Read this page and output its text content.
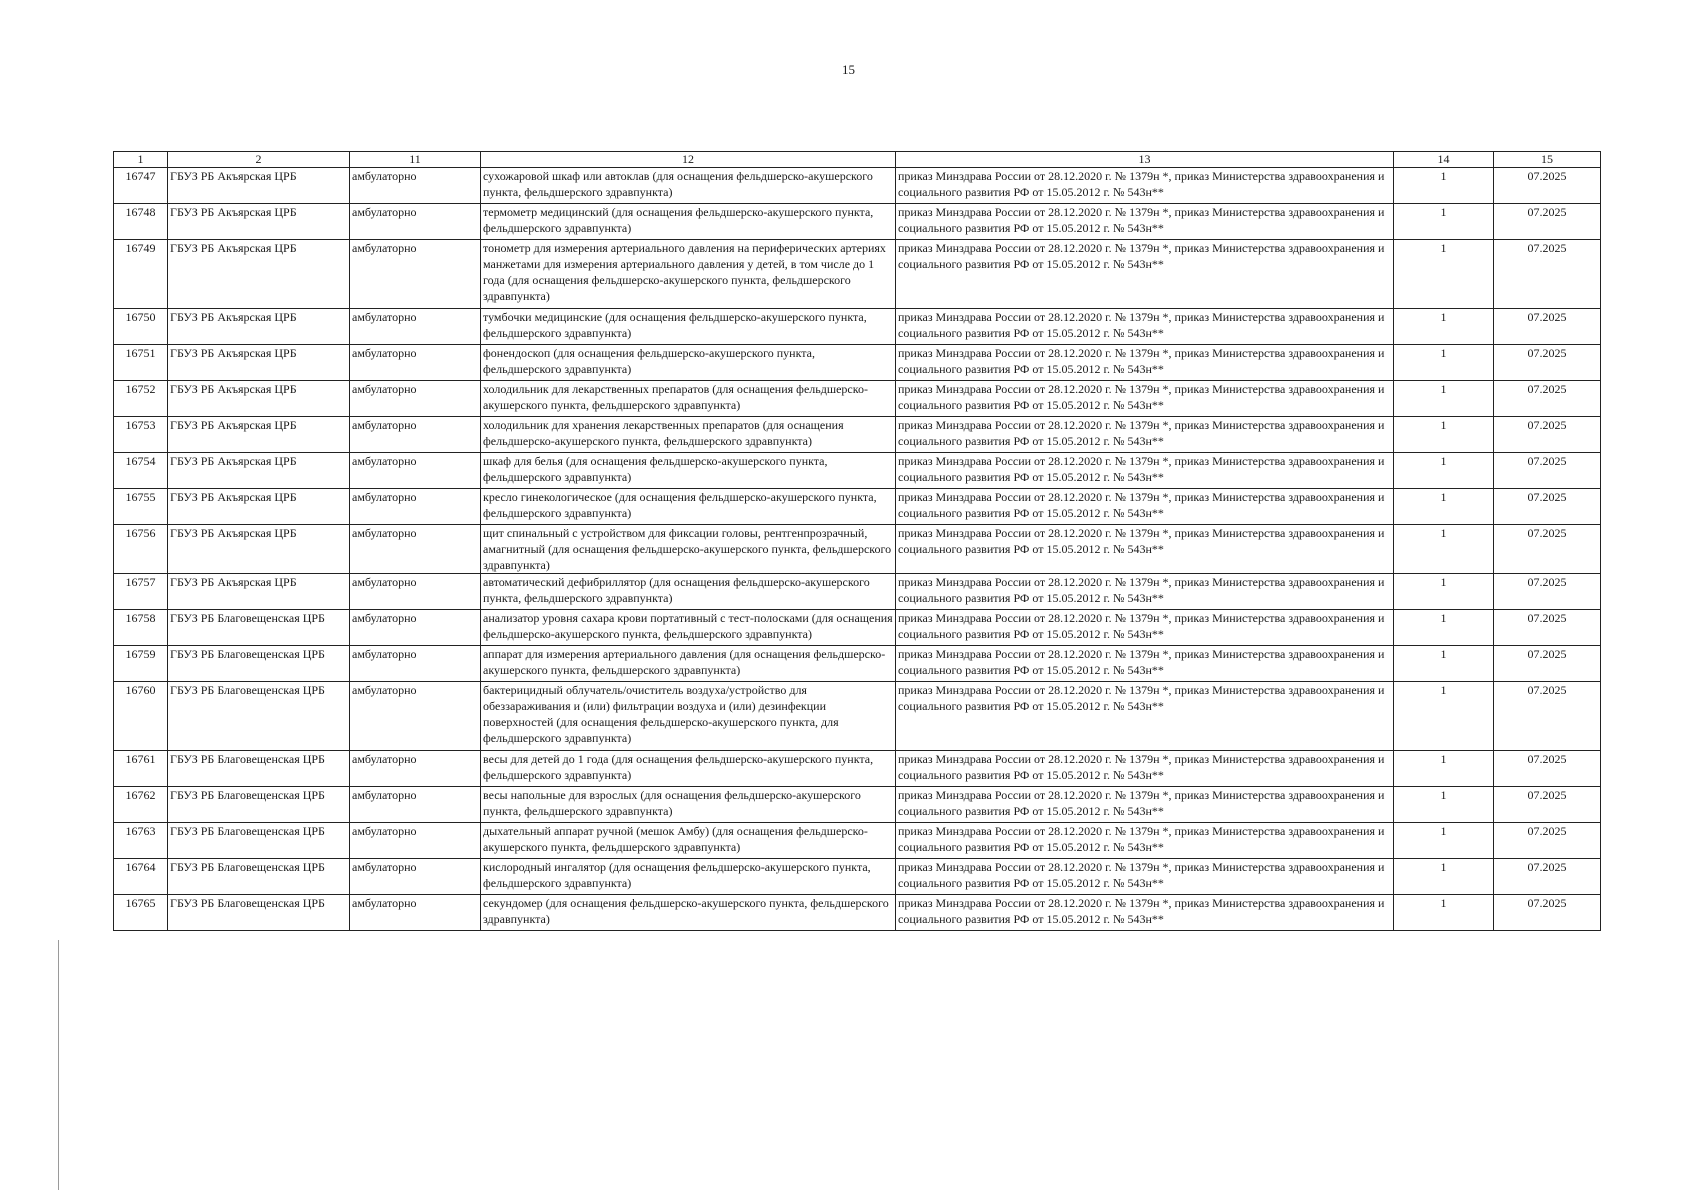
15
1	2	11	12	13	14	15
16747	ГБУЗ РБ Акъярская ЦРБ	амбулаторно	сухожаровой шкаф или автоклав (для оснащения фельдшерско-акушерского пункта, фельдшерского здравпункта)	приказ Минздрава России от 28.12.2020 г. № 1379н *, приказ Министерства здравоохранения и социального развития РФ от 15.05.2012 г. № 543н**	1	07.2025
16748	ГБУЗ РБ Акъярская ЦРБ	амбулаторно	термометр медицинский (для оснащения фельдшерско-акушерского пункта, фельдшерского здравпункта)	приказ Минздрава России от 28.12.2020 г. № 1379н *, приказ Министерства здравоохранения и социального развития РФ от 15.05.2012 г. № 543н**	1	07.2025
16749	ГБУЗ РБ Акъярская ЦРБ	амбулаторно	тонометр для измерения артериального давления на периферических артериях манжетами для измерения артериального давления у детей, в том числе до 1 года (для оснащения фельдшерско-акушерского пункта, фельдшерского здравпункта)	приказ Минздрава России от 28.12.2020 г. № 1379н *, приказ Министерства здравоохранения и социального развития РФ от 15.05.2012 г. № 543н**	1	07.2025
16750	ГБУЗ РБ Акъярская ЦРБ	амбулаторно	тумбочки медицинские (для оснащения фельдшерско-акушерского пункта, фельдшерского здравпункта)	приказ Минздрава России от 28.12.2020 г. № 1379н *, приказ Министерства здравоохранения и социального развития РФ от 15.05.2012 г. № 543н**	1	07.2025
16751	ГБУЗ РБ Акъярская ЦРБ	амбулаторно	фонендоскоп (для оснащения фельдшерско-акушерского пункта, фельдшерского здравпункта)	приказ Минздрава России от 28.12.2020 г. № 1379н *, приказ Министерства здравоохранения и социального развития РФ от 15.05.2012 г. № 543н**	1	07.2025
16752	ГБУЗ РБ Акъярская ЦРБ	амбулаторно	холодильник для лекарственных препаратов (для оснащения фельдшерско-акушерского пункта, фельдшерского здравпункта)	приказ Минздрава России от 28.12.2020 г. № 1379н *, приказ Министерства здравоохранения и социального развития РФ от 15.05.2012 г. № 543н**	1	07.2025
16753	ГБУЗ РБ Акъярская ЦРБ	амбулаторно	холодильник для хранения лекарственных препаратов (для оснащения фельдшерско-акушерского пункта, фельдшерского здравпункта)	приказ Минздрава России от 28.12.2020 г. № 1379н *, приказ Министерства здравоохранения и социального развития РФ от 15.05.2012 г. № 543н**	1	07.2025
16754	ГБУЗ РБ Акъярская ЦРБ	амбулаторно	шкаф для белья (для оснащения фельдшерско-акушерского пункта, фельдшерского здравпункта)	приказ Минздрава России от 28.12.2020 г. № 1379н *, приказ Министерства здравоохранения и социального развития РФ от 15.05.2012 г. № 543н**	1	07.2025
16755	ГБУЗ РБ Акъярская ЦРБ	амбулаторно	кресло гинекологическое (для оснащения фельдшерско-акушерского пункта, фельдшерского здравпункта)	приказ Минздрава России от 28.12.2020 г. № 1379н *, приказ Министерства здравоохранения и социального развития РФ от 15.05.2012 г. № 543н**	1	07.2025
16756	ГБУЗ РБ Акъярская ЦРБ	амбулаторно	щит спинальный с устройством для фиксации головы, рентгенпрозрачный, амагнитный (для оснащения фельдшерско-акушерского пункта, фельдшерского здравпункта)	приказ Минздрава России от 28.12.2020 г. № 1379н *, приказ Министерства здравоохранения и социального развития РФ от 15.05.2012 г. № 543н**	1	07.2025
16757	ГБУЗ РБ Акъярская ЦРБ	амбулаторно	автоматический дефибриллятор (для оснащения фельдшерско-акушерского пункта, фельдшерского здравпункта)	приказ Минздрава России от 28.12.2020 г. № 1379н *, приказ Министерства здравоохранения и социального развития РФ от 15.05.2012 г. № 543н**	1	07.2025
16758	ГБУЗ РБ Благовещенская ЦРБ	амбулаторно	анализатор уровня сахара крови портативный с тест-полосками (для оснащения фельдшерско-акушерского пункта, фельдшерского здравпункта)	приказ Минздрава России от 28.12.2020 г. № 1379н *, приказ Министерства здравоохранения и социального развития РФ от 15.05.2012 г. № 543н**	1	07.2025
16759	ГБУЗ РБ Благовещенская ЦРБ	амбулаторно	аппарат для измерения артериального давления (для оснащения фельдшерско-акушерского пункта, фельдшерского здравпункта)	приказ Минздрава России от 28.12.2020 г. № 1379н *, приказ Министерства здравоохранения и социального развития РФ от 15.05.2012 г. № 543н**	1	07.2025
16760	ГБУЗ РБ Благовещенская ЦРБ	амбулаторно	бактерицидный облучатель/очиститель воздуха/устройство для обеззараживания и (или) фильтрации воздуха и (или) дезинфекции поверхностей (для оснащения фельдшерско-акушерского пункта, для фельдшерского здравпункта)	приказ Минздрава России от 28.12.2020 г. № 1379н *, приказ Министерства здравоохранения и социального развития РФ от 15.05.2012 г. № 543н**	1	07.2025
16761	ГБУЗ РБ Благовещенская ЦРБ	амбулаторно	весы для детей до 1 года (для оснащения фельдшерско-акушерского пункта, фельдшерского здравпункта)	приказ Минздрава России от 28.12.2020 г. № 1379н *, приказ Министерства здравоохранения и социального развития РФ от 15.05.2012 г. № 543н**	1	07.2025
16762	ГБУЗ РБ Благовещенская ЦРБ	амбулаторно	весы напольные для взрослых (для оснащения фельдшерско-акушерского пункта, фельдшерского здравпункта)	приказ Минздрава России от 28.12.2020 г. № 1379н *, приказ Министерства здравоохранения и социального развития РФ от 15.05.2012 г. № 543н**	1	07.2025
16763	ГБУЗ РБ Благовещенская ЦРБ	амбулаторно	дыхательный аппарат ручной (мешок Амбу) (для оснащения фельдшерско-акушерского пункта, фельдшерского здравпункта)	приказ Минздрава России от 28.12.2020 г. № 1379н *, приказ Министерства здравоохранения и социального развития РФ от 15.05.2012 г. № 543н**	1	07.2025
16764	ГБУЗ РБ Благовещенская ЦРБ	амбулаторно	кислородный ингалятор (для оснащения фельдшерско-акушерского пункта, фельдшерского здравпункта)	приказ Минздрава России от 28.12.2020 г. № 1379н *, приказ Министерства здравоохранения и социального развития РФ от 15.05.2012 г. № 543н**	1	07.2025
16765	ГБУЗ РБ Благовещенская ЦРБ	амбулаторно	секундомер (для оснащения фельдшерско-акушерского пункта, фельдшерского здравпункта)	приказ Минздрава России от 28.12.2020 г. № 1379н *, приказ Министерства здравоохранения и социального развития РФ от 15.05.2012 г. № 543н**	1	07.2025
